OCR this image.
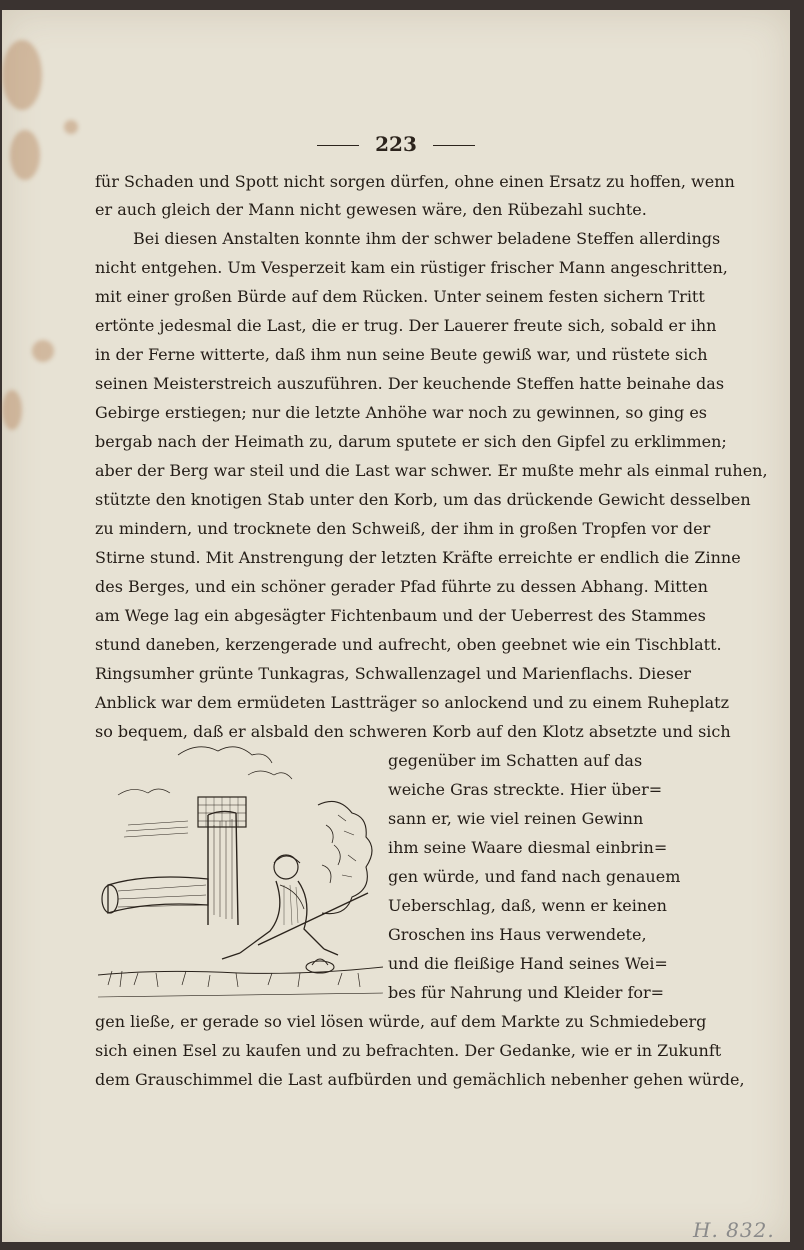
223
für Schaden und Spott nicht sorgen dürfen, ohne einen Ersatz zu hoffen, wenn
er auch gleich der Mann nicht gewesen wäre, den Rübezahl suchte.
Bei diesen Anstalten konnte ihm der schwer beladene Steffen allerdings
nicht entgehen. Um Vesperzeit kam ein rüstiger frischer Mann angeschritten,
mit einer großen Bürde auf dem Rücken. Unter seinem festen sichern Tritt
ertönte jedesmal die Last, die er trug. Der Lauerer freute sich, sobald er ihn
in der Ferne witterte, daß ihm nun seine Beute gewiß war, und rüstete sich
seinen Meisterstreich auszuführen. Der keuchende Steffen hatte beinahe das
Gebirge erstiegen; nur die letzte Anhöhe war noch zu gewinnen, so ging es
bergab nach der Heimath zu, darum sputete er sich den Gipfel zu erklimmen;
aber der Berg war steil und die Last war schwer. Er mußte mehr als einmal ruhen,
stützte den knotigen Stab unter den Korb, um das drückende Gewicht desselben
zu mindern, und trocknete den Schweiß, der ihm in großen Tropfen vor der
Stirne stund. Mit Anstrengung der letzten Kräfte erreichte er endlich die Zinne
des Berges, und ein schöner gerader Pfad führte zu dessen Abhang. Mitten
am Wege lag ein abgesägter Fichtenbaum und der Ueberrest des Stammes
stund daneben, kerzengerade und aufrecht, oben geebnet wie ein Tischblatt.
Ringsumher grünte Tunkagras, Schwallenzagel und Marienflachs. Dieser
Anblick war dem ermüdeten Lastträger so anlockend und zu einem Ruheplatz
so bequem, daß er alsbald den schweren Korb auf den Klotz absetzte und sich
gegenüber im Schatten auf das
weiche Gras streckte. Hier über=
sann er, wie viel reinen Gewinn
ihm seine Waare diesmal einbrin=
gen würde, und fand nach genauem
Ueberschlag, daß, wenn er keinen
Groschen ins Haus verwendete,
und die fleißige Hand seines Wei=
bes für Nahrung und Kleider for=
gen ließe, er gerade so viel lösen würde, auf dem Markte zu Schmiedeberg
sich einen Esel zu kaufen und zu befrachten. Der Gedanke, wie er in Zukunft
dem Grauschimmel die Last aufbürden und gemächlich nebenher gehen würde,
H. 832.
